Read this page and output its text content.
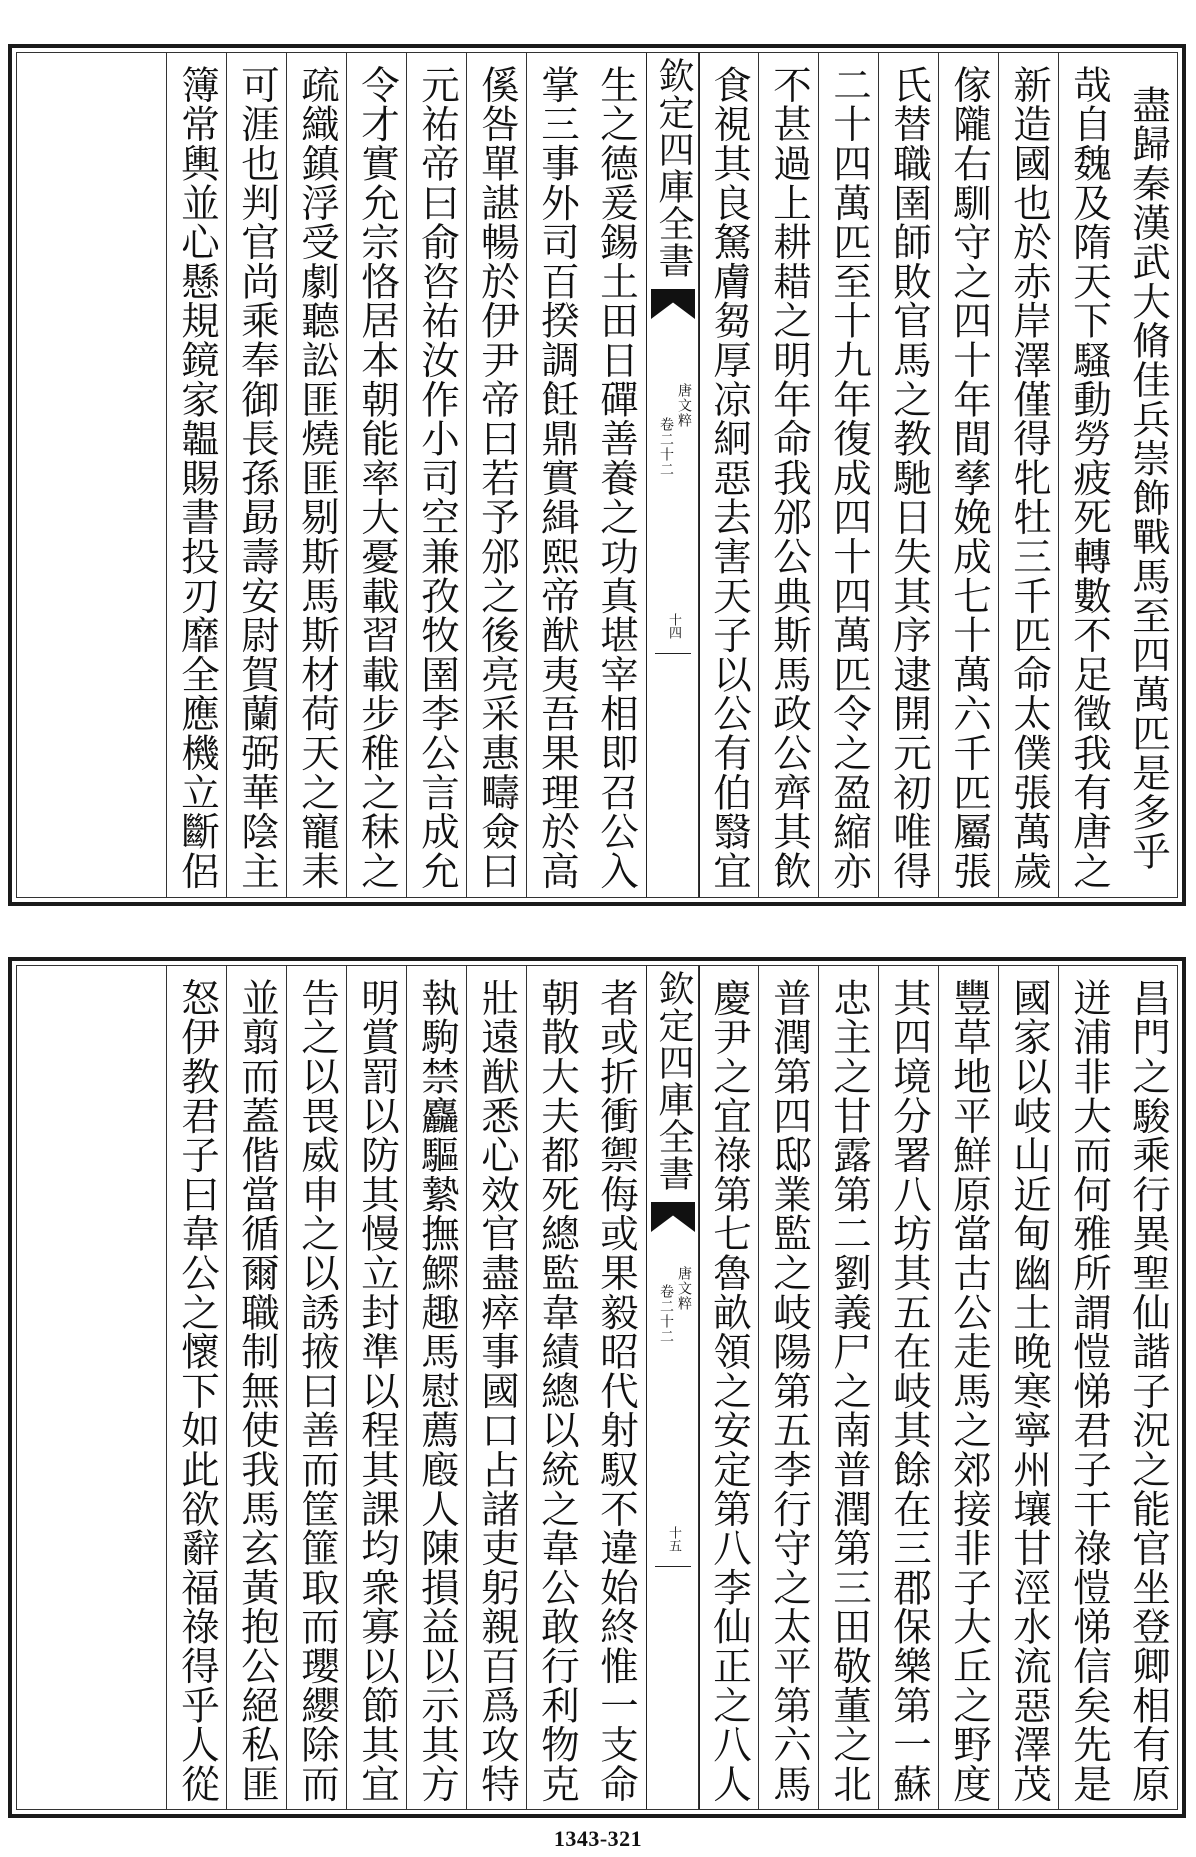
盡歸秦漢武大脩佳兵崇飾戰馬至四萬匹是多乎
哉自魏及隋天下騷動勞疲死轉數不足徵我有唐之
新造國也於赤岸澤僅得牝牡三千匹命太僕張萬歲
傢隴右馴守之四十年間孳娩成七十萬六千匹屬張
氏替職圉師敗官馬之教馳日失其序逮開元初唯得
二十四萬匹至十九年復成四十四萬匹令之盈縮亦
不甚過上耕耤之明年命我邠公典斯馬政公齊其飲
食視其良駑膚芻厚凉絅惡去害天子以公有伯翳宜
欽定四庫全書
唐文粹
卷二十二
十四
生之德爰錫土田日磾善養之功真堪宰相即召公入
掌三事外司百揆調飪鼎實緝熙帝猷夷吾果理於高
傒咎單諶暢於伊尹帝曰若予邠之後亮采惠疇僉曰
元祐帝曰俞咨祐汝作小司空兼孜牧圉李公言成允
令才實允宗恪居本朝能率大憂載習載步稚之秣之
疏織鎮浮受劇聽訟匪燒匪剔斯馬斯材荷天之寵耒
可涯也判官尚乘奉御長孫勗壽安尉賀蘭弼華陰主
簿常輿並心懸規鏡家韞賜書投刃靡全應機立斷侶
昌門之駿乘行異聖仙諧子況之能官坐登卿相有原
迸浦非大而何雅所謂愷悌君子干祿愷悌信矣先是
國家以岐山近甸幽土晚寒寧州壤甘涇水流惡澤茂
豐草地平鮮原當古公走馬之郊接非子大丘之野度
其四境分署八坊其五在岐其餘在三郡保樂第一蘇
忠主之甘露第二劉義尸之南普潤第三田敬董之北
普潤第四邸業監之岐陽第五李行守之太平第六馬
慶尹之宜祿第七魯畝領之安定第八李仙正之八人
欽定四庫全書
唐文粹
卷二十二
十五
者或折衝禦侮或果毅昭代射馭不違始終惟一支命
朝散大夫都死總監韋績總以統之韋公敢行利物克
壯遠猷悉心效官盡瘁事國口占諸吏躬親百爲攻特
執駒禁麤驅縶撫鰥趣馬慰薦廏人陳損益以示其方
明賞罰以防其慢立封準以程其課均衆寡以節其宜
告之以畏威申之以誘掖曰善而筐篚取而瓔纓除而
並翦而蓋偕當循爾職制無使我馬玄黃抱公絕私匪
怒伊教君子曰韋公之懷下如此欲辭福祿得乎人從
1343-321
